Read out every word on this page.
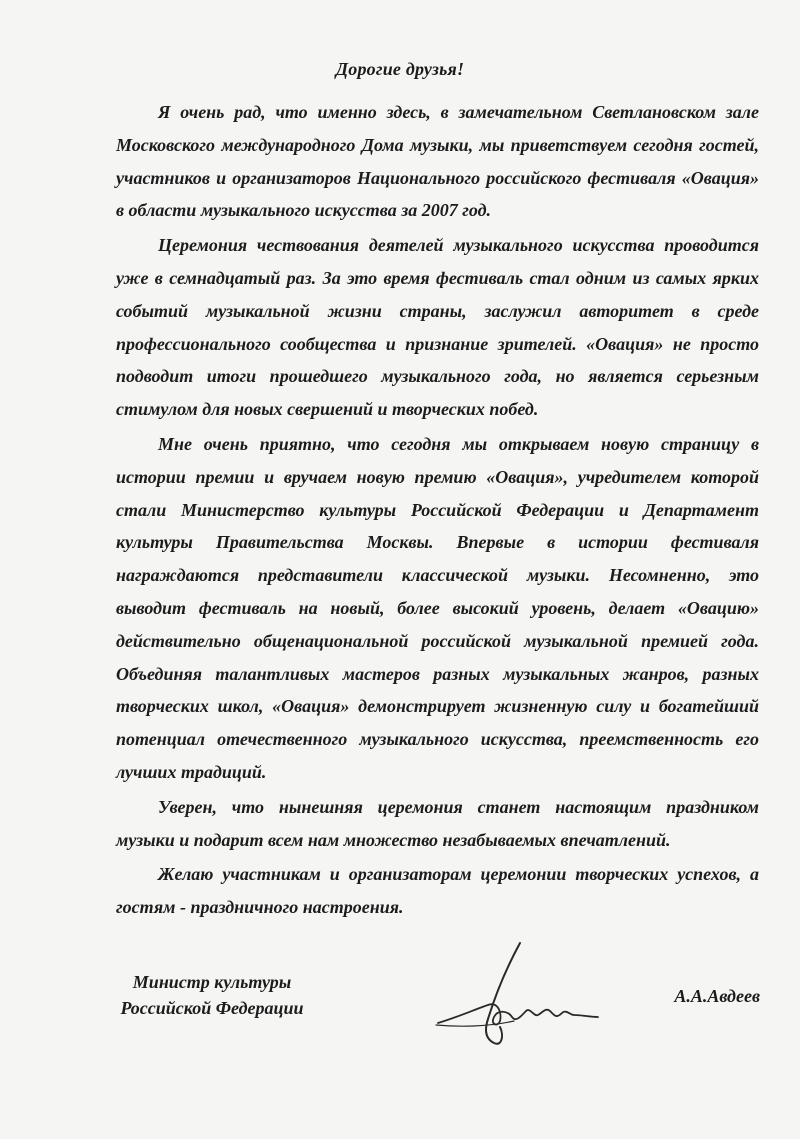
Дорогие друзья!

Я очень рад, что именно здесь, в замечательном Светлановском зале Московского международного Дома музыки, мы приветствуем сегодня гостей, участников и организаторов Национального российского фестиваля «Овация» в области музыкального искусства за 2007 год.

Церемония чествования деятелей музыкального искусства проводится уже в семнадцатый раз. За это время фестиваль стал одним из самых ярких событий музыкальной жизни страны, заслужил авторитет в среде профессионального сообщества и признание зрителей. «Овация» не просто подводит итоги прошедшего музыкального года, но является серьезным стимулом для новых свершений и творческих побед.

Мне очень приятно, что сегодня мы открываем новую страницу в истории премии и вручаем новую премию «Овация», учредителем которой стали Министерство культуры Российской Федерации и Департамент культуры Правительства Москвы. Впервые в истории фестиваля награждаются представители классической музыки. Несомненно, это выводит фестиваль на новый, более высокий уровень, делает «Овацию» действительно общенациональной российской музыкальной премией года. Объединяя талантливых мастеров разных музыкальных жанров, разных творческих школ, «Овация» демонстрирует жизненную силу и богатейший потенциал отечественного музыкального искусства, преемственность его лучших традиций.

Уверен, что нынешняя церемония станет настоящим праздником музыки и подарит всем нам множество незабываемых впечатлений.

Желаю участникам и организаторам церемонии творческих успехов, а гостям - праздничного настроения.

Министр культуры
Российской Федерации
А.А.Авдеев
